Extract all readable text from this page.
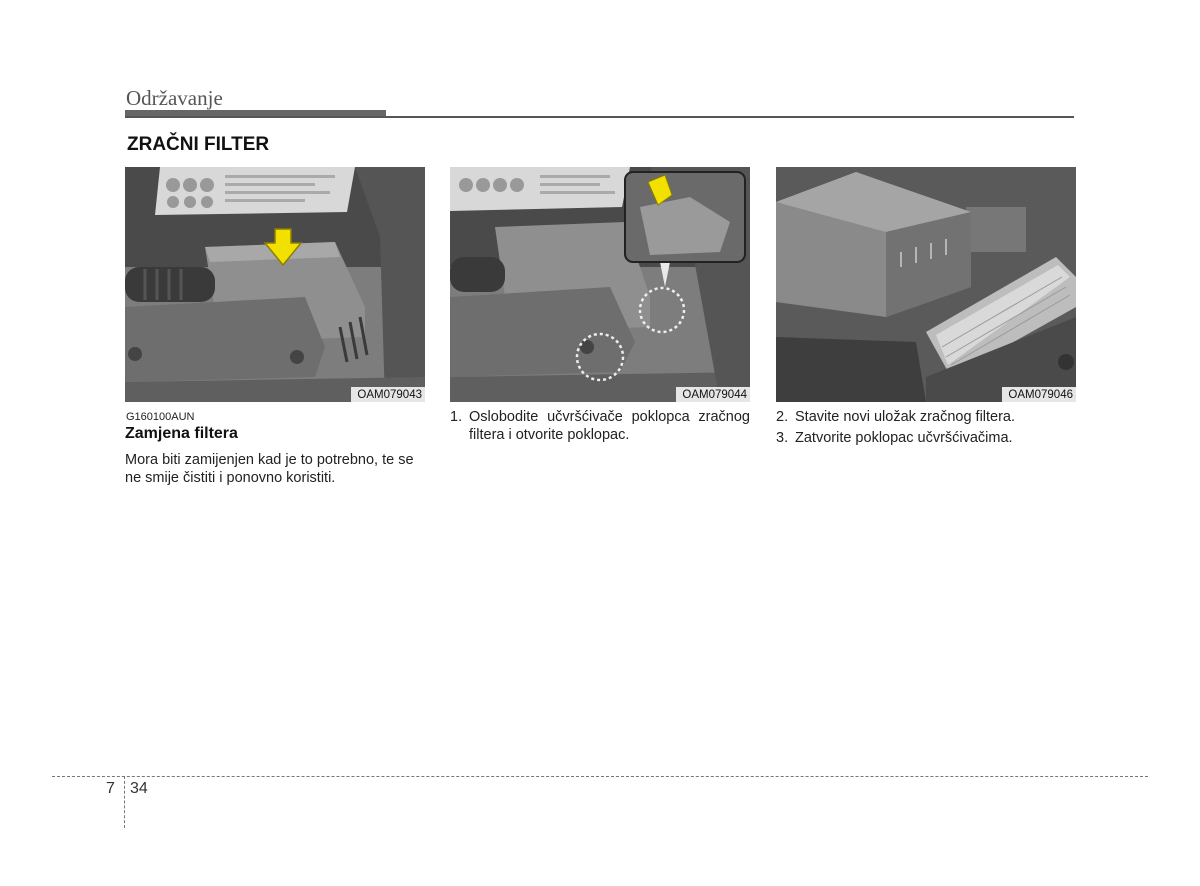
Održavanje
ZRAČNI FILTER
OAM079043	OAM079044	OAM079046
G160100AUN
Zamjena filtera
Mora biti zamijenjen kad je to potrebno, te se ne smije čistiti i ponovno koristiti.
1. Oslobodite učvršćivače poklopca zračnog filtera i otvorite poklopac.
2. Stavite novi uložak zračnog filtera.
3. Zatvorite poklopac učvršćivačima.
7 34
